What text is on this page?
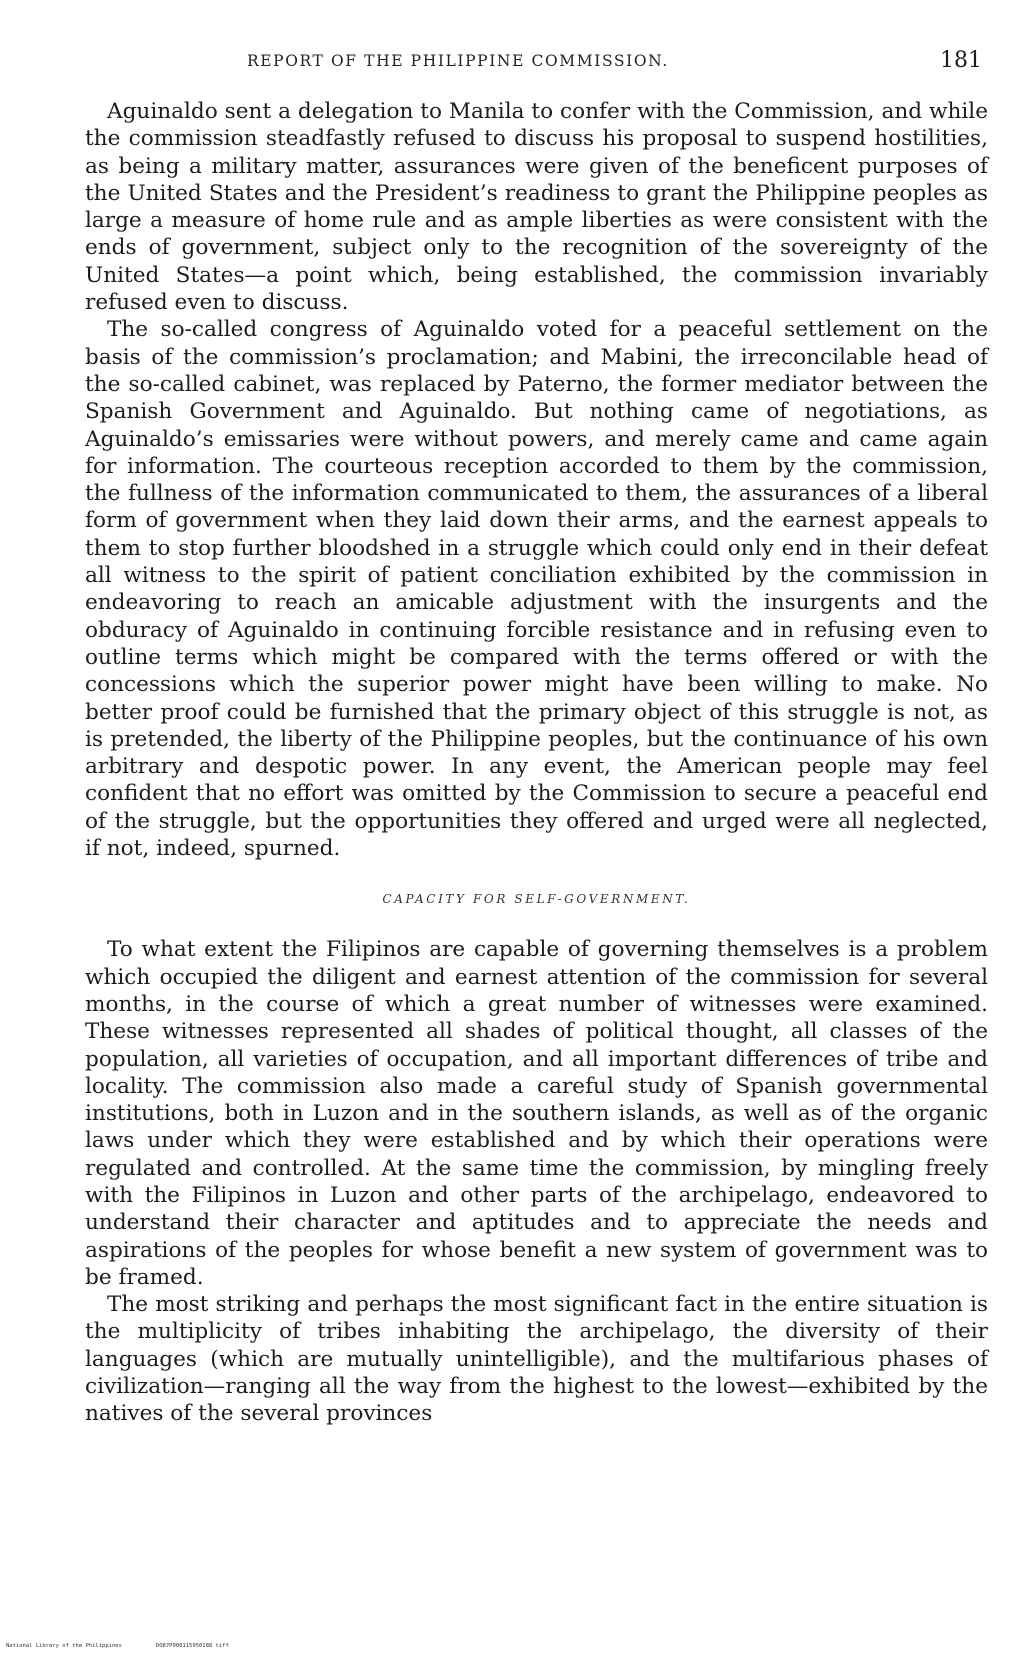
REPORT OF THE PHILIPPINE COMMISSION.	181

Aguinaldo sent a delegation to Manila to confer with the Commission, and while the commission steadfastly refused to discuss his proposal to suspend hostilities, as being a military matter, assurances were given of the beneficent purposes of the United States and the President’s readiness to grant the Philippine peoples as large a measure of home rule and as ample liberties as were consistent with the ends of government, subject only to the recognition of the sovereignty of the United States—a point which, being established, the commission invariably refused even to discuss.

The so-called congress of Aguinaldo voted for a peaceful settlement on the basis of the commission’s proclamation; and Mabini, the irreconcilable head of the so-called cabinet, was replaced by Paterno, the former mediator between the Spanish Government and Aguinaldo. But nothing came of negotiations, as Aguinaldo’s emissaries were without powers, and merely came and came again for information. The courteous reception accorded to them by the commission, the fullness of the information communicated to them, the assurances of a liberal form of government when they laid down their arms, and the earnest appeals to them to stop further bloodshed in a struggle which could only end in their defeat all witness to the spirit of patient conciliation exhibited by the commission in endeavoring to reach an amicable adjustment with the insurgents and the obduracy of Aguinaldo in continuing forcible resistance and in refusing even to outline terms which might be compared with the terms offered or with the concessions which the superior power might have been willing to make. No better proof could be furnished that the primary object of this struggle is not, as is pretended, the liberty of the Philippine peoples, but the continuance of his own arbitrary and despotic power. In any event, the American people may feel confident that no effort was omitted by the Commission to secure a peaceful end of the struggle, but the opportunities they offered and urged were all neglected, if not, indeed, spurned.

CAPACITY FOR SELF-GOVERNMENT.

To what extent the Filipinos are capable of governing themselves is a problem which occupied the diligent and earnest attention of the commission for several months, in the course of which a great number of witnesses were examined. These witnesses represented all shades of political thought, all classes of the population, all varieties of occupation, and all important differences of tribe and locality. The commission also made a careful study of Spanish governmental institutions, both in Luzon and in the southern islands, as well as of the organic laws under which they were established and by which their operations were regulated and controlled. At the same time the commission, by mingling freely with the Filipinos in Luzon and other parts of the archipelago, endeavored to understand their character and aptitudes and to appreciate the needs and aspirations of the peoples for whose benefit a new system of government was to be framed.

The most striking and perhaps the most significant fact in the entire situation is the multiplicity of tribes inhabiting the archipelago, the diversity of their languages (which are mutually unintelligible), and the multifarious phases of civilization—ranging all the way from the highest to the lowest—exhibited by the natives of the several provinces

National Library of the Philippines	DO87P000115950188 tiff
